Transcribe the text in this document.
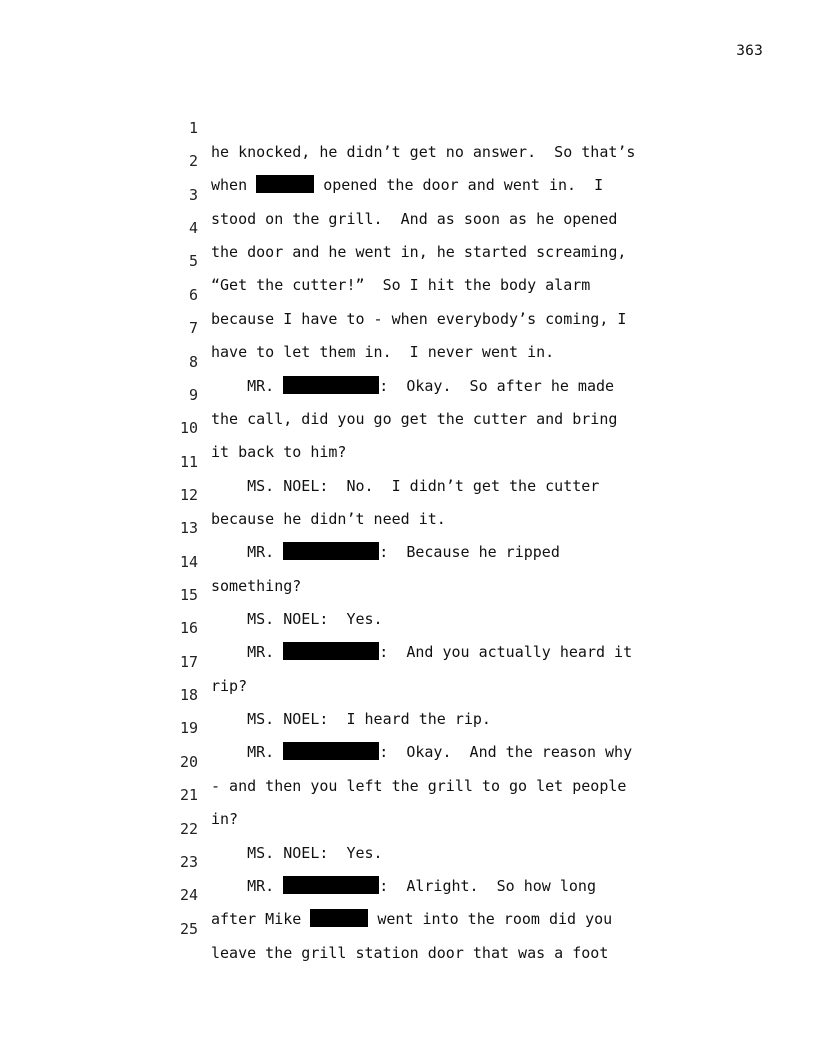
363

1

he knocked, he didn’t get no answer.  So that’s

2

when	opened the door and went in.  I

3

stood on the grill.  And as soon as he opened

4

the door and he went in, he started screaming,

5

“Get the cutter!”  So I hit the body alarm

6

because I have to - when everybody’s coming, I

7

have to let them in.  I never went in.

8

MR.	:  Okay.  So after he made

9

the call, did you go get the cutter and bring

10

it back to him?

11

MS. NOEL:  No.  I didn’t get the cutter

12

because he didn’t need it.

13

MR.	:  Because he ripped

14

something?

15

MS. NOEL:  Yes.

16

MR.	:  And you actually heard it

17

rip?

18

MS. NOEL:  I heard the rip.

19

MR.	:  Okay.  And the reason why

20

- and then you left the grill to go let people

21

in?

22

MS. NOEL:  Yes.

23

MR.	:  Alright.  So how long

24

after Mike	went into the room did you

25

leave the grill station door that was a foot
